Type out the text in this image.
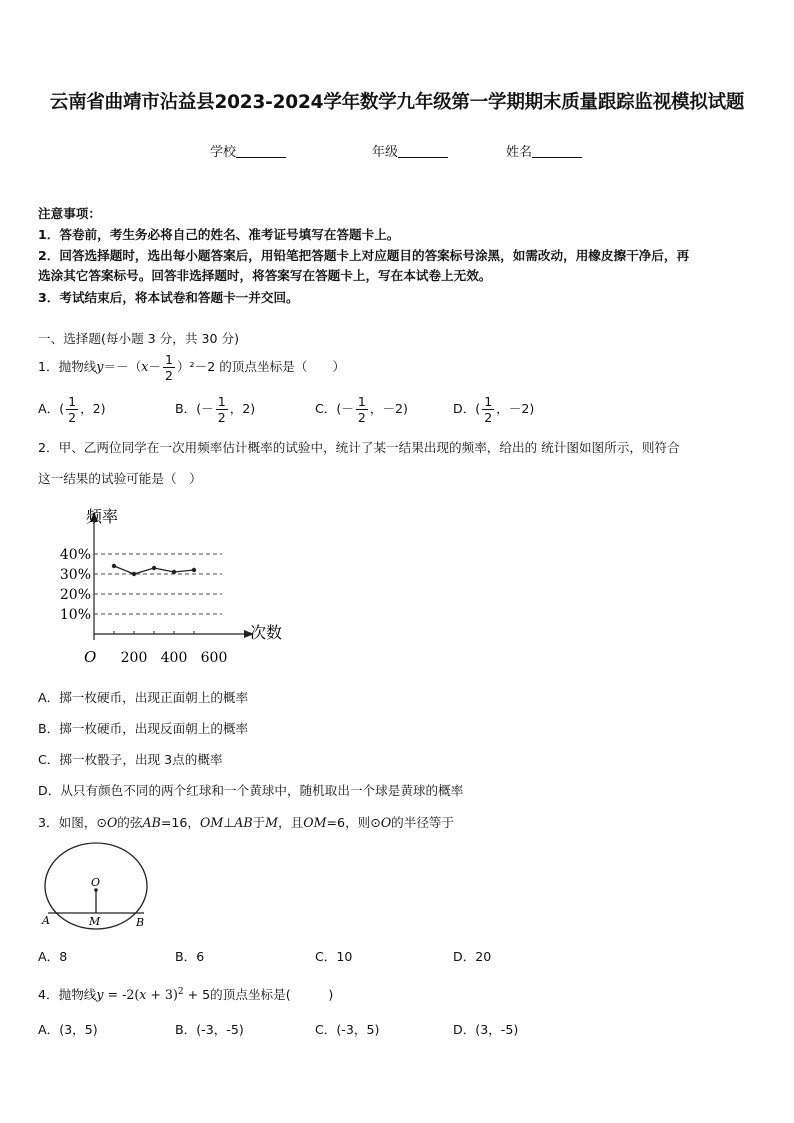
云南省曲靖市沾益县2023-2024学年数学九年级第一学期期末质量跟踪监视模拟试题
学校	年级	姓名
注意事项：
1．答卷前，考生务必将自己的姓名、准考证号填写在答题卡上。
2．回答选择题时，选出每小题答案后，用铅笔把答题卡上对应题目的答案标号涂黑，如需改动，用橡皮擦干净后，再
选涂其它答案标号。回答非选择题时，将答案写在答题卡上，写在本试卷上无效。
3．考试结束后，将本试卷和答题卡一并交回。
一、选择题(每小题 3 分，共 30 分)
1．抛物线$y=-(x- \frac{1}{2} )^2-2$ 的顶点坐标是（　　）
A．( $\frac{1}{2}$ ，2)	B．(－ $\frac{1}{2}$ ，2)	C．(－ $\frac{1}{2}$ ，－2)	D．( $\frac{1}{2}$ ，－2)
2．甲、乙两位同学在一次用频率估计概率的试验中，统计了某一结果出现的频率，给出的 统计图如图所示，则符合
这一结果的试验可能是（　）
10%
20%
30%
40%
200 400 600
频率
次数
O
A．掷一枚硬币，出现正面朝上的概率
B．掷一枚硬币，出现反面朝上的概率
C．掷一枚骰子，出现 3点的概率
D．从只有颜色不同的两个红球和一个黄球中，随机取出一个球是黄球的概率
3．如图，⊙O的弦AB=16，OM⊥AB于M，且OM=6，则⊙O的半径等于
O
A	M	B
A．8	B．6	C．10	D．20
4．抛物线$y = -2(x + 3)^2 + 5$的顶点坐标是(　　　)
A．(3，5)	B．(-3，-5)	C．(-3，5)	D．(3，-5)
